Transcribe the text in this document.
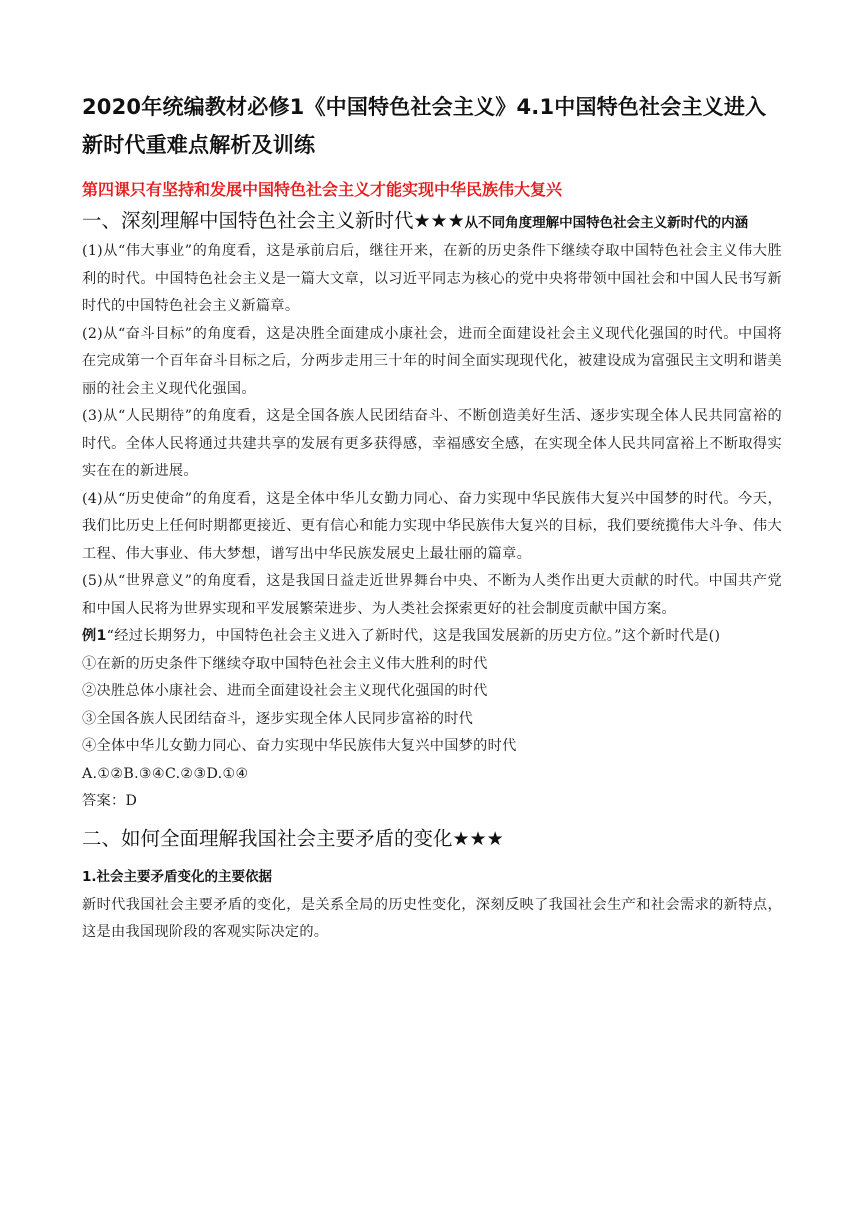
2020年统编教材必修1《中国特色社会主义》4.1中国特色社会主义进入新时代重难点解析及训练
第四课只有坚持和发展中国特色社会主义才能实现中华民族伟大复兴
一、深刻理解中国特色社会主义新时代★★★从不同角度理解中国特色社会主义新时代的内涵

(1)从“伟大事业”的角度看，这是承前启后，继往开来，在新的历史条件下继续夺取中国特色社会主义伟大胜利的时代。中国特色社会主义是一篇大文章，以习近平同志为核心的党中央将带领中国社会和中国人民书写新时代的中国特色社会主义新篇章。

(2)从“奋斗目标”的角度看，这是决胜全面建成小康社会，进而全面建设社会主义现代化强国的时代。中国将在完成第一个百年奋斗目标之后，分两步走用三十年的时间全面实现现代化，被建设成为富强民主文明和谐美丽的社会主义现代化强国。

(3)从“人民期待”的角度看，这是全国各族人民团结奋斗、不断创造美好生活、逐步实现全体人民共同富裕的时代。全体人民将通过共建共享的发展有更多获得感，幸福感安全感，在实现全体人民共同富裕上不断取得实实在在的新进展。

(4)从“历史使命”的角度看，这是全体中华儿女勤力同心、奋力实现中华民族伟大复兴中国梦的时代。今天，我们比历史上任何时期都更接近、更有信心和能力实现中华民族伟大复兴的目标，我们要统揽伟大斗争、伟大工程、伟大事业、伟大梦想，谱写出中华民族发展史上最壮丽的篇章。

(5)从“世界意义”的角度看，这是我国日益走近世界舞台中央、不断为人类作出更大贡献的时代。中国共产党和中国人民将为世界实现和平发展繁荣进步、为人类社会探索更好的社会制度贡献中国方案。

例1“经过长期努力，中国特色社会主义进入了新时代，这是我国发展新的历史方位。”这个新时代是()

①在新的历史条件下继续夺取中国特色社会主义伟大胜利的时代
②决胜总体小康社会、进而全面建设社会主义现代化强国的时代
③全国各族人民团结奋斗，逐步实现全体人民同步富裕的时代
④全体中华儿女勤力同心、奋力实现中华民族伟大复兴中国梦的时代
A.①②B.③④C.②③D.①④
答案：D
二、如何全面理解我国社会主要矛盾的变化★★★
1.社会主要矛盾变化的主要依据

新时代我国社会主要矛盾的变化，是关系全局的历史性变化，深刻反映了我国社会生产和社会需求的新特点，这是由我国现阶段的客观实际决定的。
